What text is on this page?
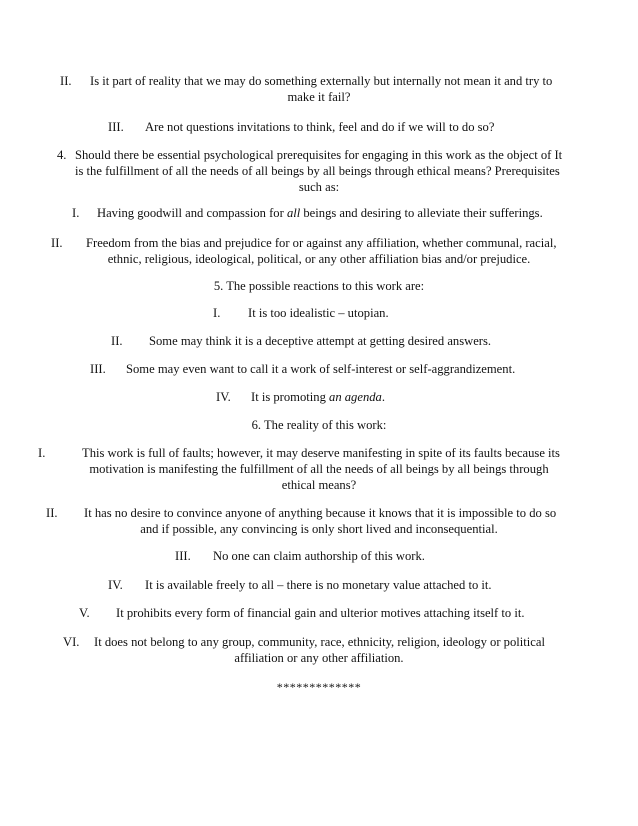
II. Is it part of reality that we may do something externally but internally not mean it and try to
make it fail?
III. Are not questions invitations to think, feel and do if we will to do so?
4. Should there be essential psychological prerequisites for engaging in this work as the object of It
is the fulfillment of all the needs of all beings by all beings through ethical means? Prerequisites
such as:
I. Having goodwill and compassion for all beings and desiring to alleviate their sufferings.
II. Freedom from the bias and prejudice for or against any affiliation, whether communal, racial,
ethnic, religious, ideological, political, or any other affiliation bias and/or prejudice.
5. The possible reactions to this work are:
I. It is too idealistic – utopian.
II. Some may think it is a deceptive attempt at getting desired answers.
III. Some may even want to call it a work of self-interest or self-aggrandizement.
IV. It is promoting an agenda.
6. The reality of this work:
I.	This work is full of faults; however, it may deserve manifesting in spite of its faults because its
motivation is manifesting the fulfillment of all the needs of all beings by all beings through
ethical means?
II. It has no desire to convince anyone of anything because it knows that it is impossible to do so
and if possible, any convincing is only short lived and inconsequential.
III. No one can claim authorship of this work.
IV. It is available freely to all – there is no monetary value attached to it.
V. It prohibits every form of financial gain and ulterior motives attaching itself to it.
VI. It does not belong to any group, community, race, ethnicity, religion, ideology or political
affiliation or any other affiliation.
*************
